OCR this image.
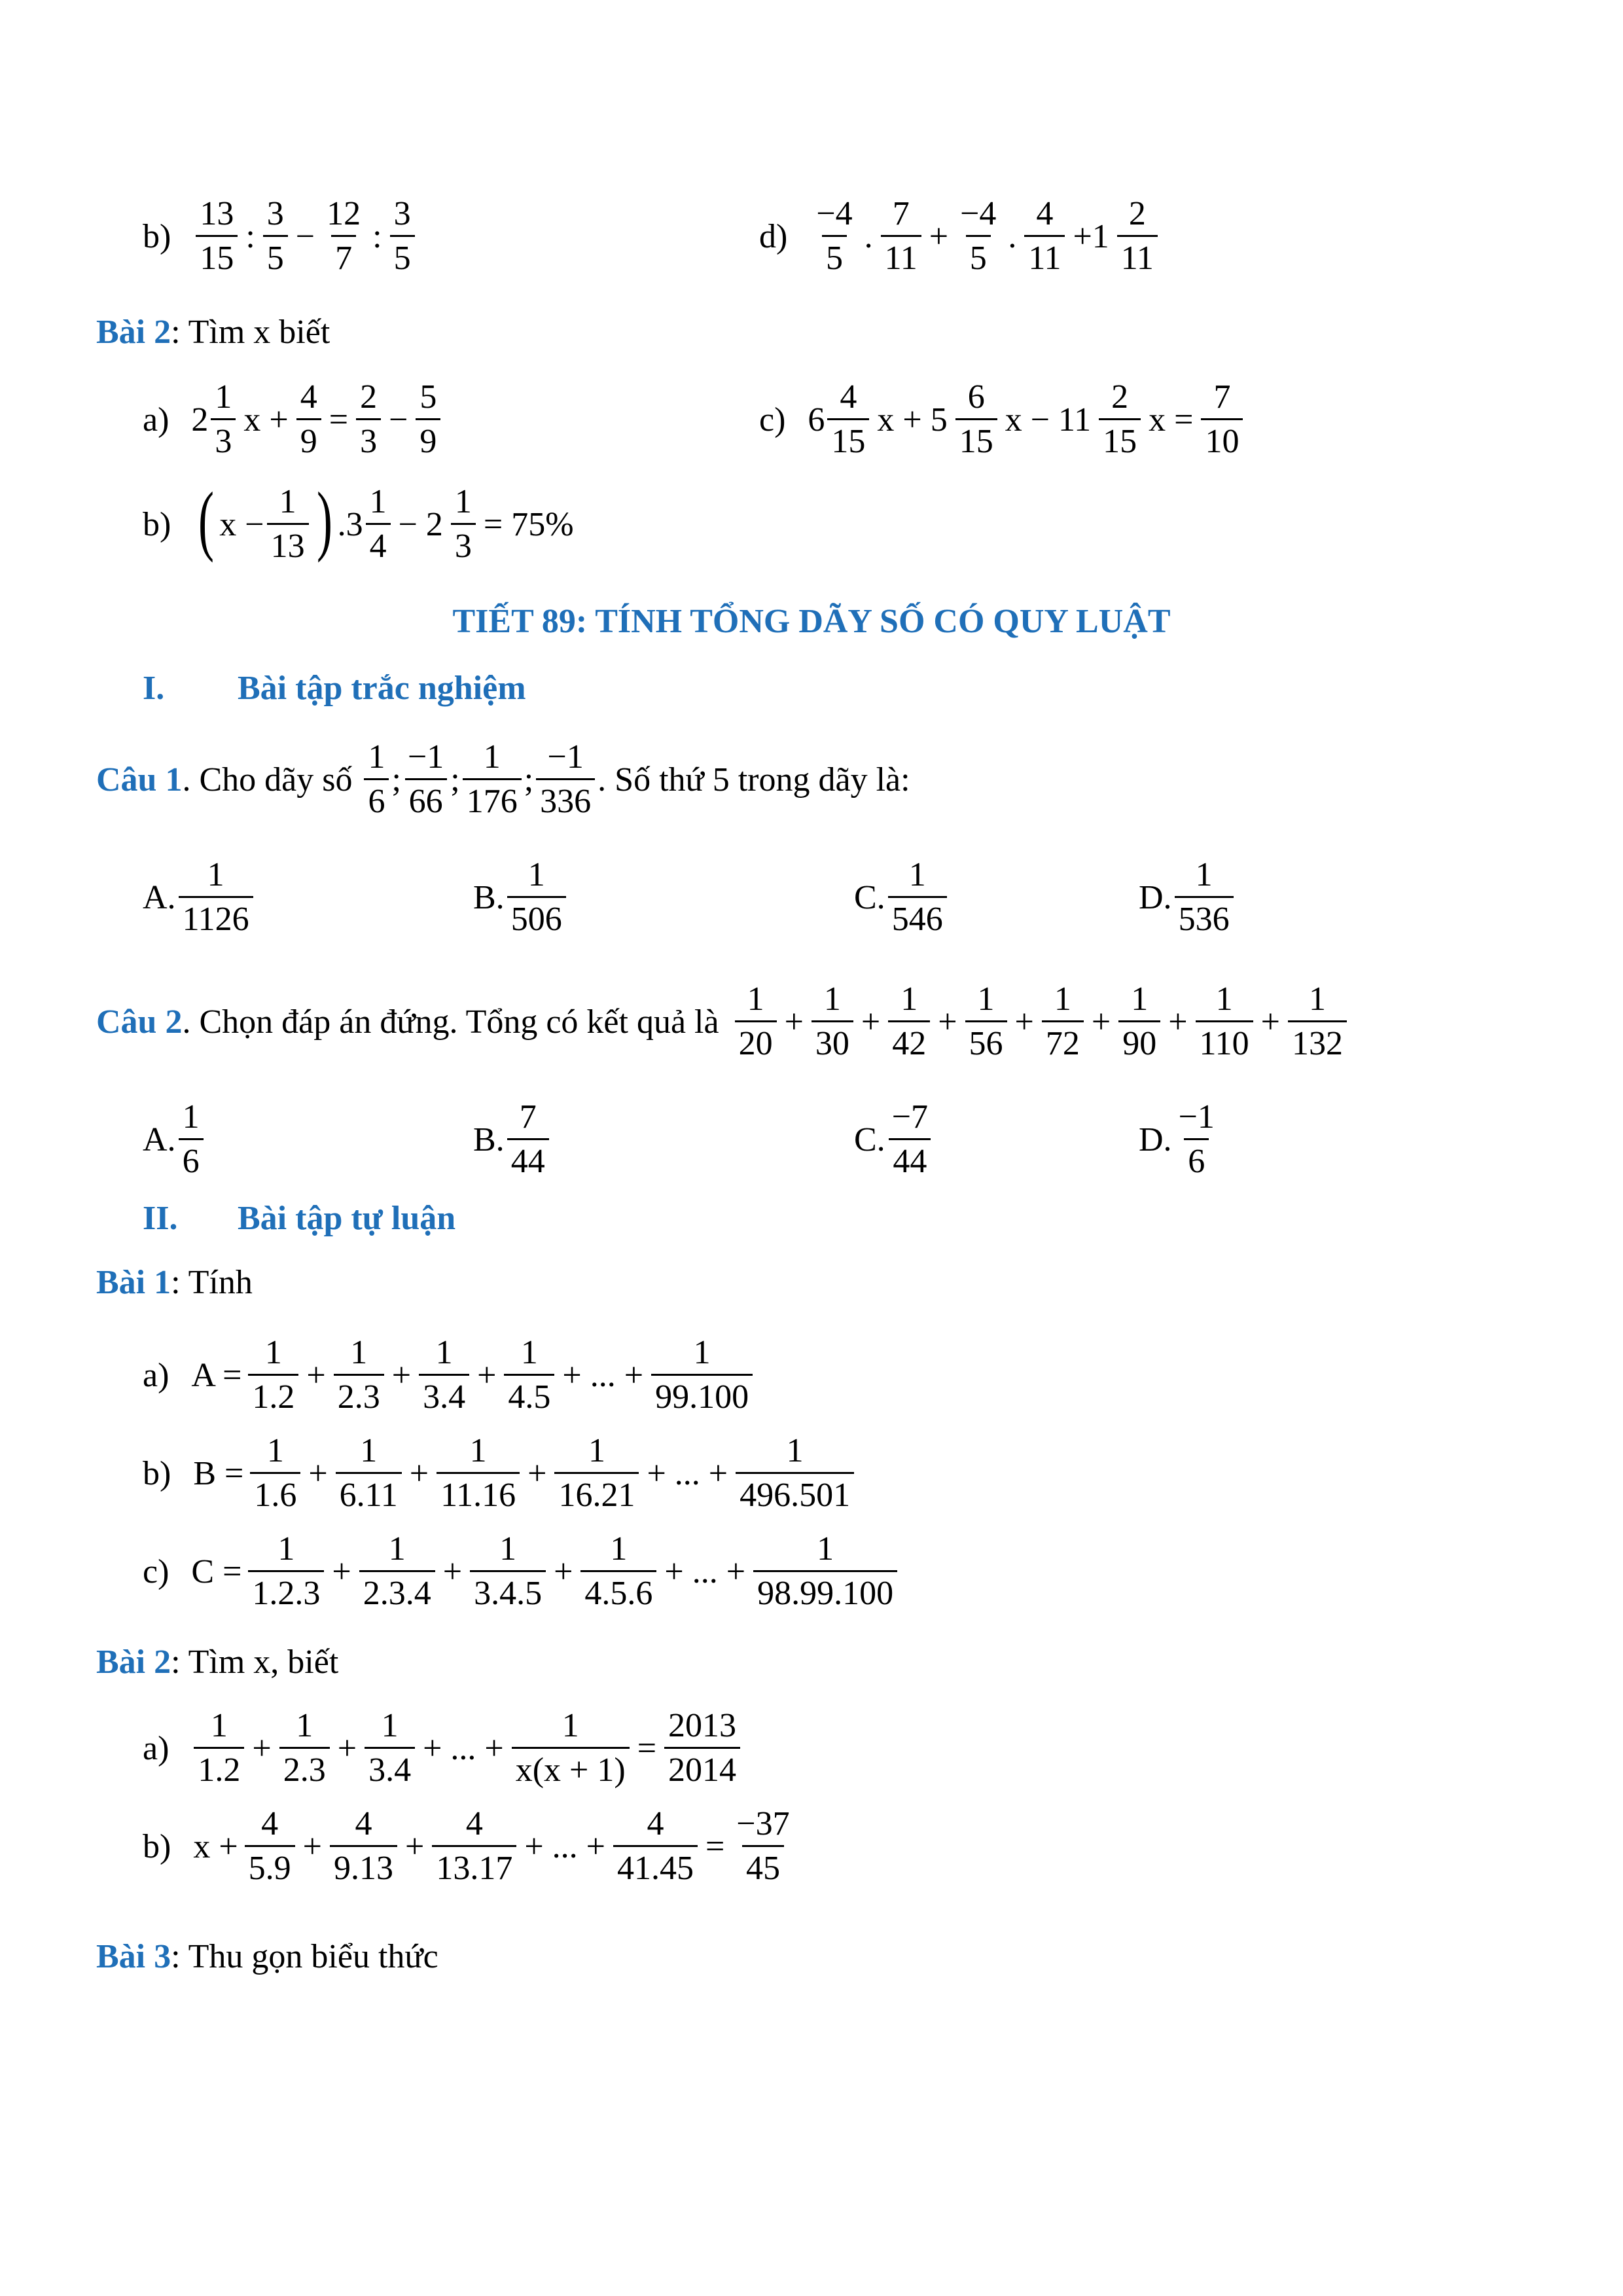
$b) \frac{13}{15}$ : $\frac{3}{5} - \frac{12}{7}$ : $\frac{3}{5}$	$d) \frac{-4}{5}$ . $\frac{7}{11} + \frac{-4}{5}$ . $\frac{4}{11} +1 \frac{2}{11}$
Bài 2 : Tìm x biết
a) $2 \frac{1}{3}$ $x + \frac{4}{9} = \frac{2}{3} - \frac{5}{9}$	c) $6 \frac{4}{15}$ $x + 5 \frac{6}{15}$ $x - 11 \frac{2}{15}$ $x = \frac{7}{10}$
b) ( $x - \frac{1}{13}$ ) $.3 \frac{1}{4} - 2 \frac{1}{3} = 75\%$
TIẾT 89: TÍNH TỔNG DÃY SỐ CÓ QUY LUẬT
I.	Bài tập trắc nghiệm
Câu 1 . Cho dãy số $\frac{1}{6}$ ; $\frac{-1}{66}$ ; $\frac{1}{176}$ ; $\frac{-1}{336}$ . Số thứ 5 trong dãy là:
A. $\frac{1}{1126}$	B. $\frac{1}{506}$	C. $\frac{1}{546}$	D. $\frac{1}{536}$
Câu 2 . Chọn đáp án đứng. Tổng có kết quả là $\frac{1}{20} + \frac{1}{30} + \frac{1}{42} + \frac{1}{56} + \frac{1}{72} + \frac{1}{90} + \frac{1}{110} + \frac{1}{132}$
A. $\frac{1}{6}$	B. $\frac{7}{44}$	C. $\frac{-7}{44}$	D. $\frac{-1}{6}$
II.	Bài tập tự luận
Bài 1 : Tính
a) $A = \frac{1}{1.2} + \frac{1}{2.3} + \frac{1}{3.4} + \frac{1}{4.5}$ + ... + $\frac{1}{99.100}$
b) $B = \frac{1}{1.6} + \frac{1}{6.11} + \frac{1}{11.16} + \frac{1}{16.21}$ + ... + $\frac{1}{496.501}$
c) $C = \frac{1}{1.2.3} + \frac{1}{2.3.4} + \frac{1}{3.4.5} + \frac{1}{4.5.6}$ + ... + $\frac{1}{98.99.100}$
Bài 2 : Tìm x, biết
$a) \frac{1}{1.2} + \frac{1}{2.3} + \frac{1}{3.4}$ + ... + $\frac{1}{x(x + 1)} = \frac{2013}{2014}$
b) $x + \frac{4}{5.9} + \frac{4}{9.13} + \frac{4}{13.17}$ + ... + $\frac{4}{41.45} = \frac{-37}{45}$
Bài 3 : Thu gọn biểu thức
